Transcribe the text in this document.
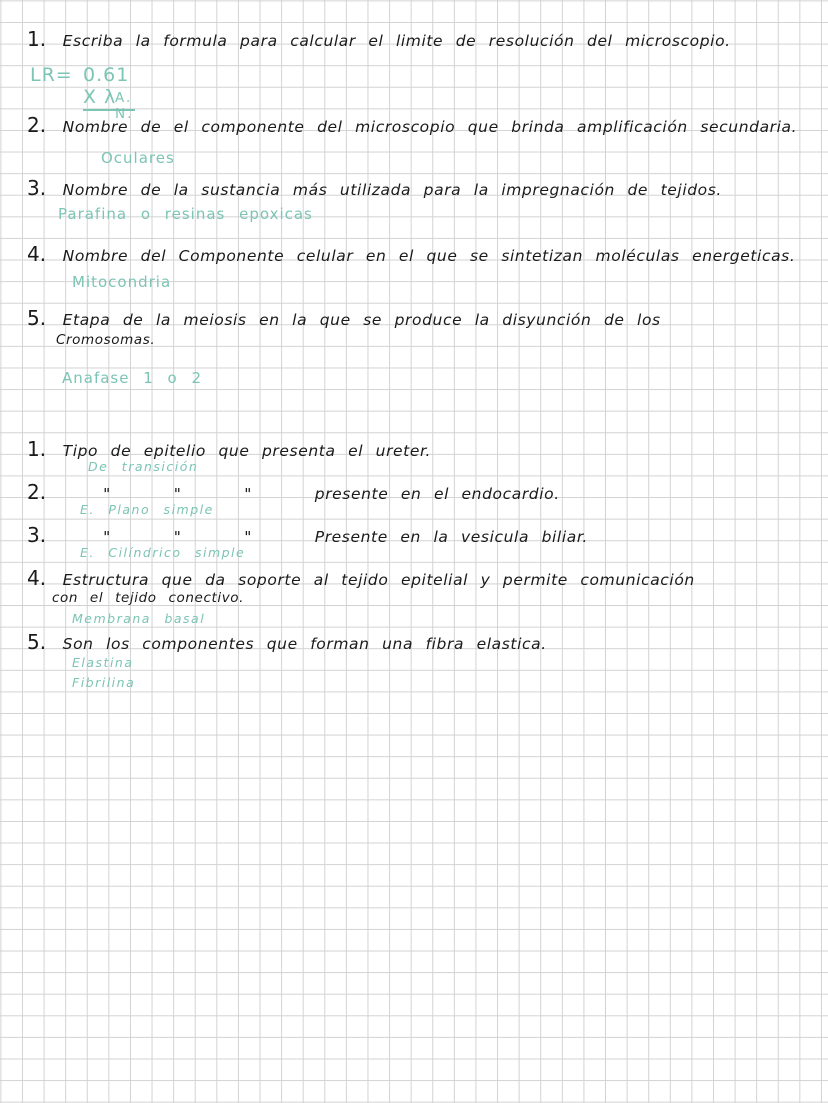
1. Escriba la formula para calcular el limite de resolución del microscopio.
LR= 0.61 X λ
A. N.
2. Nombre de el componente del microscopio que brinda amplificación secundaria.
Oculares
3. Nombre de la sustancia más utilizada para la impregnación de tejidos.
Parafina o resinas epoxicas
4. Nombre del Componente celular en el que se sintetizan moléculas energeticas.
Mitocondria
5. Etapa de la meiosis en la que se produce la disyunción de los
Cromosomas.
Anafase 1 o 2
1. Tipo de epitelio que presenta el ureter.
De transición
2.	"	"	"	presente en el endocardio.
E. Plano simple
3.	"	"	"	Presente en la vesicula biliar.
E. Cilíndrico simple
4. Estructura que da soporte al tejido epitelial y permite comunicación
con el tejido conectivo.
Membrana basal
5. Son los componentes que forman una fibra elastica.
Elastina
Fibrilina
